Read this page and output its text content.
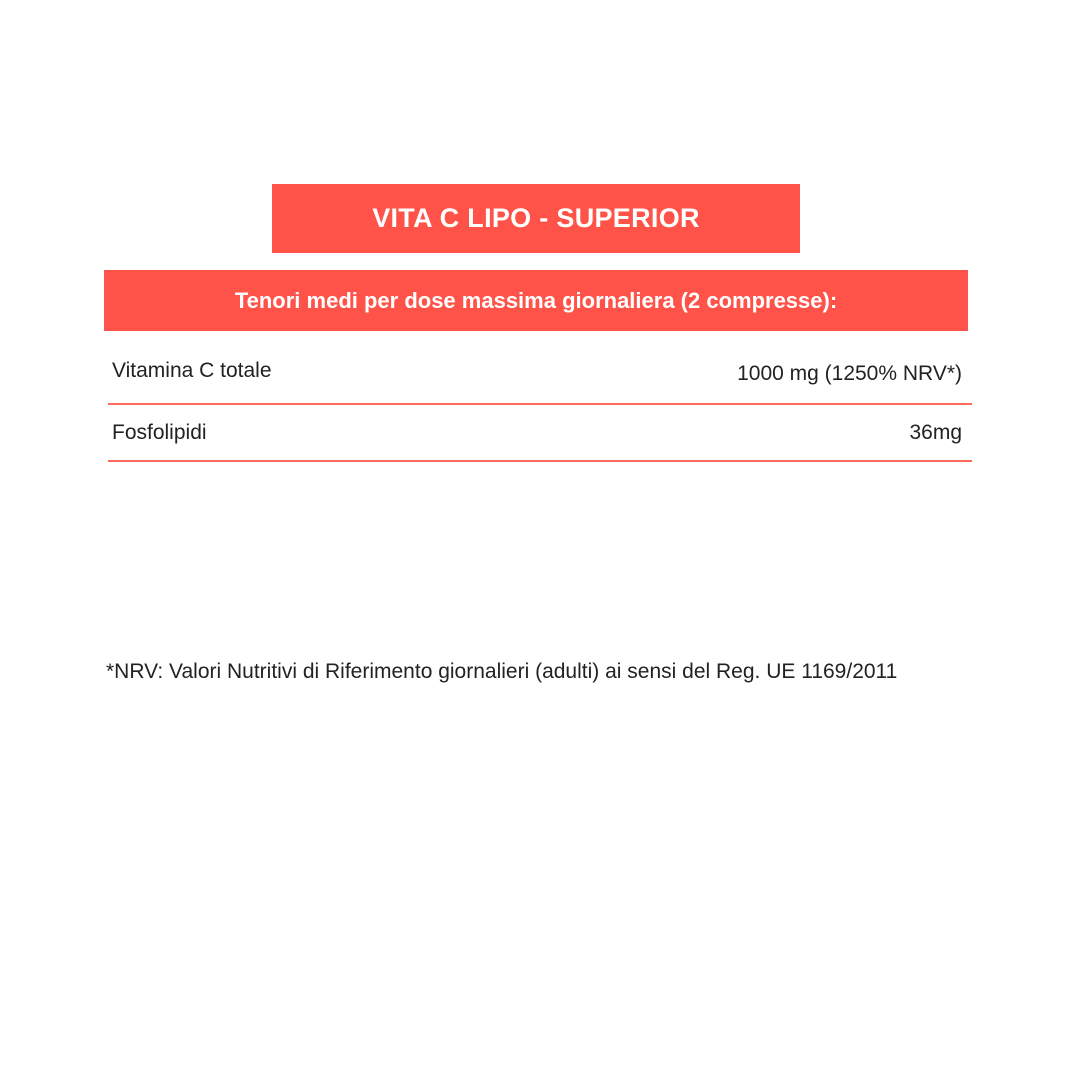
VITA C LIPO - SUPERIOR
Tenori medi per dose massima giornaliera (2 compresse):
Vitamina C totale	1000 mg (1250% NRV*)
Fosfolipidi	36mg
*NRV: Valori Nutritivi di Riferimento giornalieri (adulti) ai sensi del Reg. UE 1169/2011
